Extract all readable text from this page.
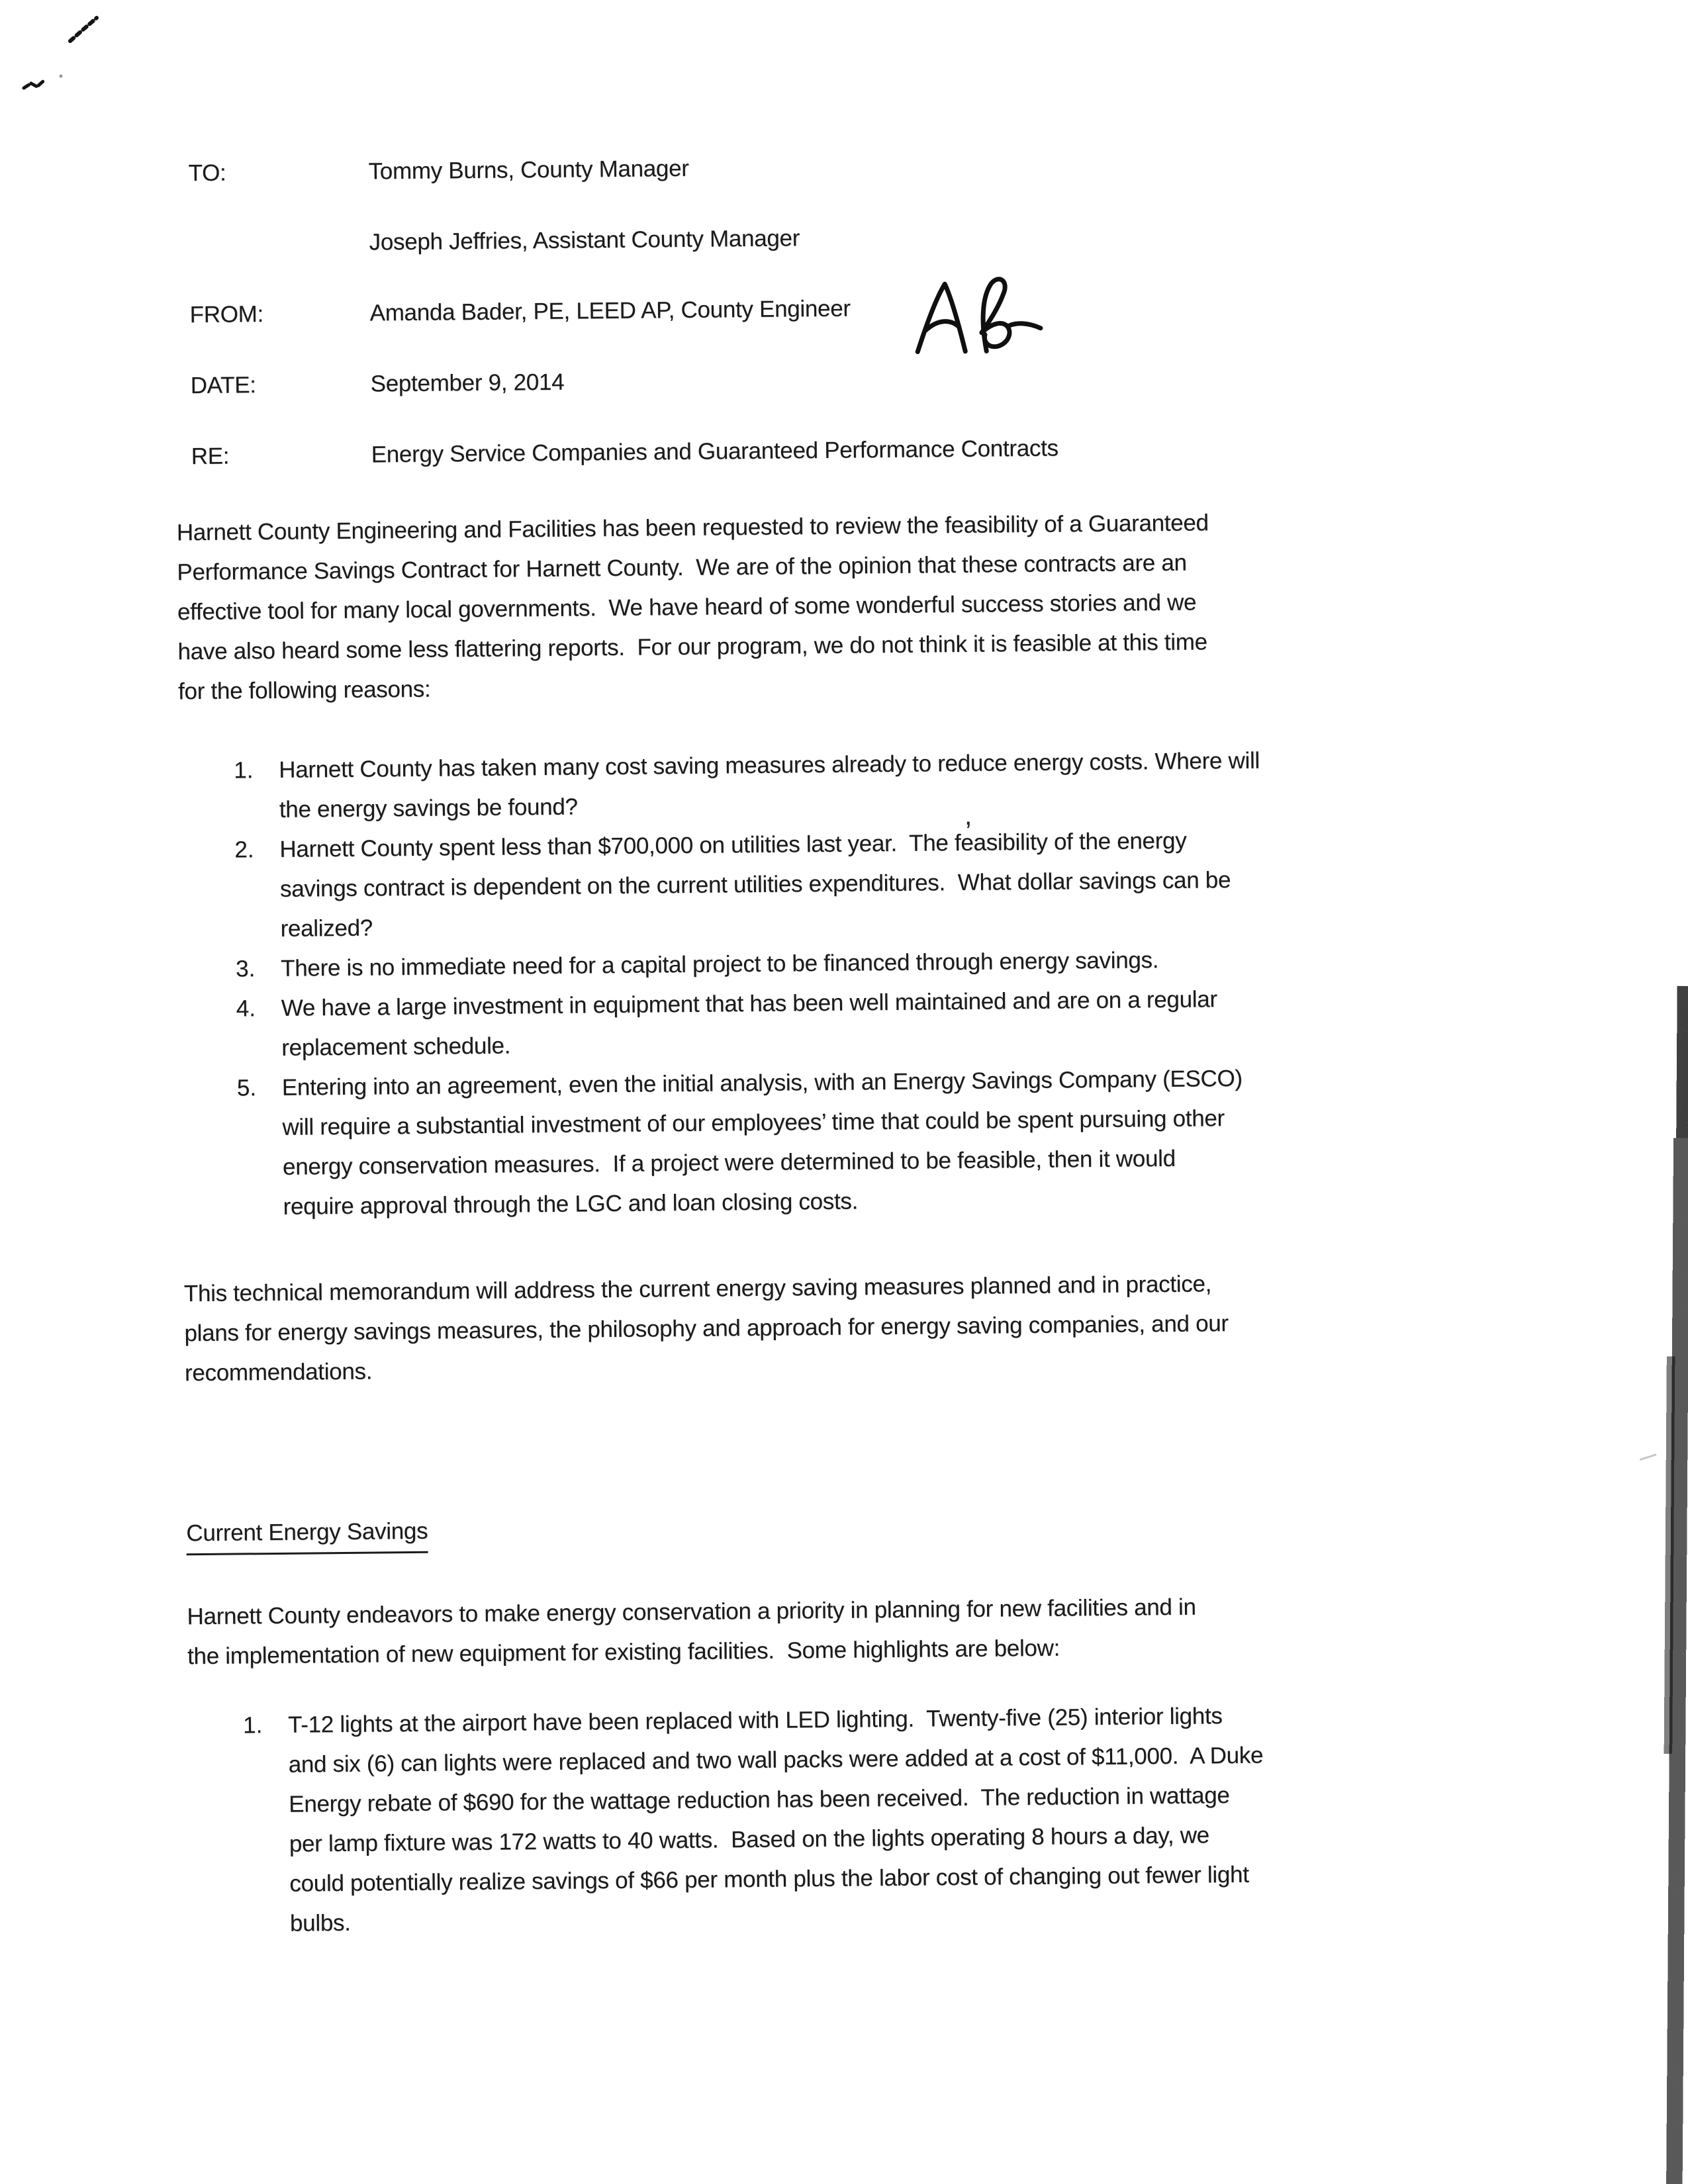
TO:	Tommy Burns, County Manager
Joseph Jeffries, Assistant County Manager
FROM:	Amanda Bader, PE, LEED AP, County Engineer
DATE:	September 9, 2014
RE:	Energy Service Companies and Guaranteed Performance Contracts
Harnett County Engineering and Facilities has been requested to review the feasibility of a Guaranteed
Performance Savings Contract for Harnett County.  We are of the opinion that these contracts are an
effective tool for many local governments.  We have heard of some wonderful success stories and we
have also heard some less flattering reports.  For our program, we do not think it is feasible at this time
for the following reasons:
1.	Harnett County has taken many cost saving measures already to reduce energy costs. Where will
the energy savings be found?
2.	Harnett County spent less than $700,000 on utilities last year.  The feasibility of the energy
savings contract is dependent on the current utilities expenditures.  What dollar savings can be
realized?
3.	There is no immediate need for a capital project to be financed through energy savings.
4.	We have a large investment in equipment that has been well maintained and are on a regular
replacement schedule.
5.	Entering into an agreement, even the initial analysis, with an Energy Savings Company (ESCO)
will require a substantial investment of our employees’ time that could be spent pursuing other
energy conservation measures.  If a project were determined to be feasible, then it would
require approval through the LGC and loan closing costs.
This technical memorandum will address the current energy saving measures planned and in practice,
plans for energy savings measures, the philosophy and approach for energy saving companies, and our
recommendations.
Current Energy Savings
Harnett County endeavors to make energy conservation a priority in planning for new facilities and in
the implementation of new equipment for existing facilities.  Some highlights are below:
1.	T-12 lights at the airport have been replaced with LED lighting.  Twenty-five (25) interior lights
and six (6) can lights were replaced and two wall packs were added at a cost of $11,000.  A Duke
Energy rebate of $690 for the wattage reduction has been received.  The reduction in wattage
per lamp fixture was 172 watts to 40 watts.  Based on the lights operating 8 hours a day, we
could potentially realize savings of $66 per month plus the labor cost of changing out fewer light
bulbs.
,
